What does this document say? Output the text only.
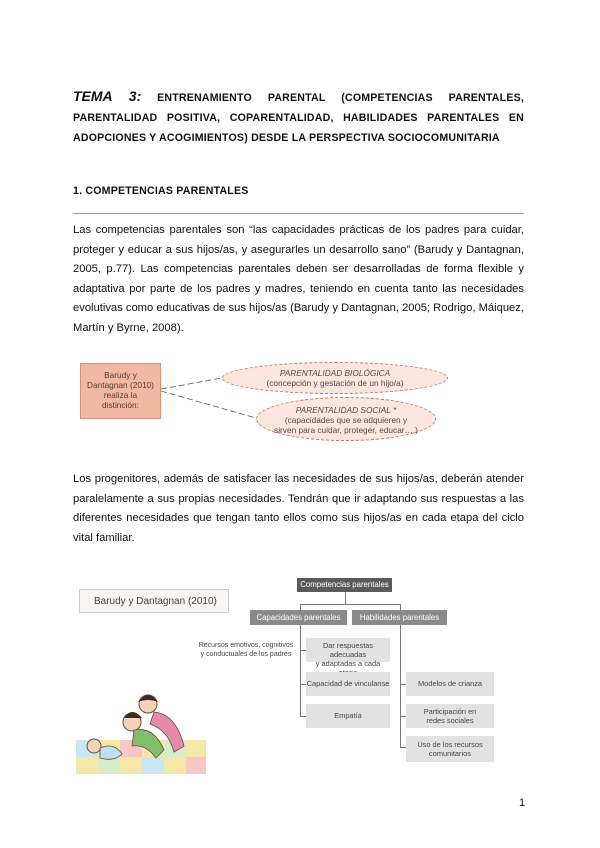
TEMA 3: ENTRENAMIENTO PARENTAL (COMPETENCIAS PARENTALES, PARENTALIDAD POSITIVA, COPARENTALIDAD, HABILIDADES PARENTALES EN ADOPCIONES Y ACOGIMIENTOS) DESDE LA PERSPECTIVA SOCIOCOMUNITARIA
1. COMPETENCIAS PARENTALES
Las competencias parentales son “las capacidades prácticas de los padres para cuidar, proteger y educar a sus hijos/as, y asegurarles un desarrollo sano” (Barudy y Dantagnan, 2005, p.77). Las competencias parentales deben ser desarrolladas de forma flexible y adaptativa por parte de los padres y madres, teniendo en cuenta tanto las necesidades evolutivas como educativas de sus hijos/as (Barudy y Dantagnan, 2005; Rodrigo, Máiquez, Martín y Byrne, 2008).
Barudy y
Dantagnan (2010)
realiza la
distinción:
PARENTALIDAD BIOLÓGICA
(concepción y gestación de un hijo/a)
PARENTALIDAD SOCIAL *
(capacidades que se adquieren y
sirven para cuidar, proteger, educar….)
Los progenitores, además de satisfacer las necesidades de sus hijos/as, deberán atender paralelamente a sus propias necesidades. Tendrán que ir adaptando sus respuestas a las diferentes necesidades que tengan tanto ellos como sus hijos/as en cada etapa del ciclo vital familiar.
Barudy y Dantagnan (2010)
Competencias parentales
Capacidades parentales	Habilidades parentales
Recursos emotivos, cognitivos
y conductuales de los padres
Dar respuestas adecuadas
y adaptadas a cada
Capacidad de vinculanse
Empatía
Modelos de crianza
Participación en
redes sociales
Uso de los recursos
comunitarios
1
